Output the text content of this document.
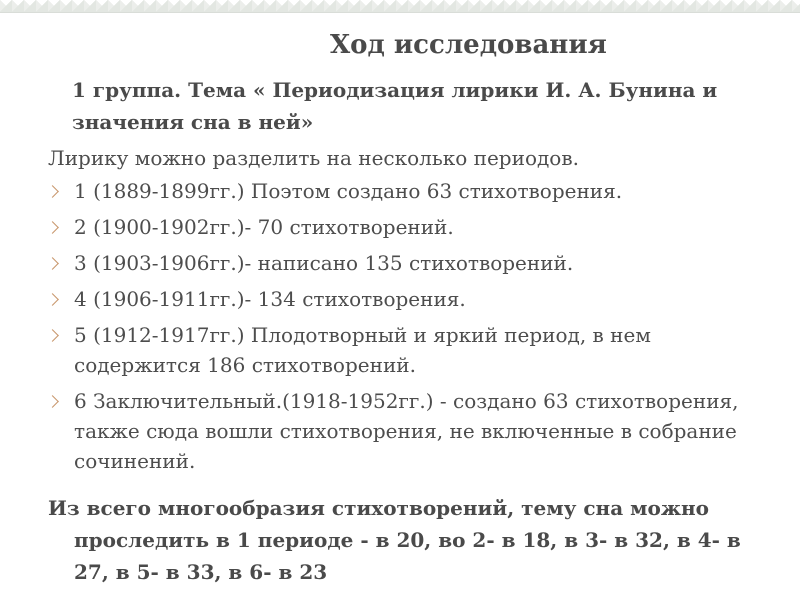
Ход исследования
1 группа. Тема « Периодизация лирики И. А. Бунина и
значения сна в ней»
Лирику можно разделить на несколько периодов.
1 (1889-1899гг.) Поэтом создано 63 стихотворения.
2 (1900-1902гг.)- 70 стихотворений.
3 (1903-1906гг.)- написано 135 стихотворений.
4 (1906-1911гг.)- 134 стихотворения.
5 (1912-1917гг.) Плодотворный и яркий период, в нем содержится 186 стихотворений.
6 Заключительный.(1918-1952гг.) - создано 63 стихотворения, также сюда вошли стихотворения, не включенные в собрание сочинений.
Из всего многообразия стихотворений, тему сна можно
проследить в 1 периоде - в 20, во 2- в 18, в 3- в 32, в 4- в 27, в 5- в 33, в 6- в 23
